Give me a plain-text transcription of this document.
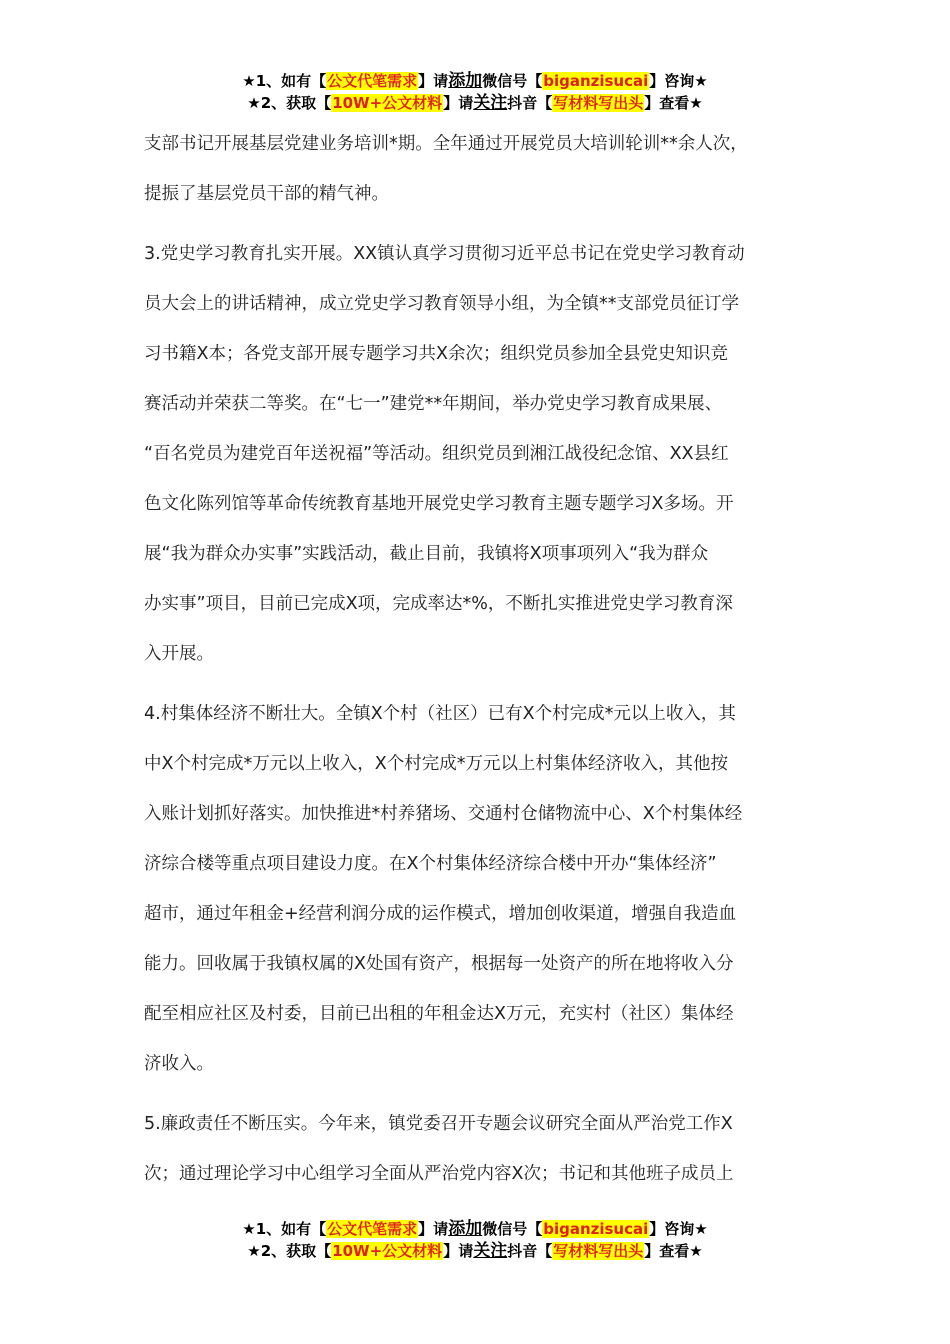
★1、如有【公文代笔需求】请添加微信号【biganzisucai】咨询★
★2、获取【10W+公文材料】请关注抖音【写材料写出头】查看★
支部书记开展基层党建业务培训*期。全年通过开展党员大培训轮训**余人次，
提振了基层党员干部的精气神。
3.党史学习教育扎实开展。XX镇认真学习贯彻习近平总书记在党史学习教育动
员大会上的讲话精神，成立党史学习教育领导小组，为全镇**支部党员征订学
习书籍X本；各党支部开展专题学习共X余次；组织党员参加全县党史知识竞
赛活动并荣获二等奖。在“七一”建党**年期间，举办党史学习教育成果展、
“百名党员为建党百年送祝福”等活动。组织党员到湘江战役纪念馆、XX县红
色文化陈列馆等革命传统教育基地开展党史学习教育主题专题学习X多场。开
展“我为群众办实事”实践活动，截止目前，我镇将X项事项列入“我为群众
办实事”项目，目前已完成X项，完成率达*%，不断扎实推进党史学习教育深
入开展。
4.村集体经济不断壮大。全镇X个村（社区）已有X个村完成*元以上收入，其
中X个村完成*万元以上收入，X个村完成*万元以上村集体经济收入，其他按
入账计划抓好落实。加快推进*村养猪场、交通村仓储物流中心、X个村集体经
济综合楼等重点项目建设力度。在X个村集体经济综合楼中开办“集体经济”
超市，通过年租金+经营利润分成的运作模式，增加创收渠道，增强自我造血
能力。回收属于我镇权属的X处国有资产，根据每一处资产的所在地将收入分
配至相应社区及村委，目前已出租的年租金达X万元，充实村（社区）集体经
济收入。
5.廉政责任不断压实。今年来，镇党委召开专题会议研究全面从严治党工作X
次；通过理论学习中心组学习全面从严治党内容X次；书记和其他班子成员上
★1、如有【公文代笔需求】请添加微信号【biganzisucai】咨询★
★2、获取【10W+公文材料】请关注抖音【写材料写出头】查看★
